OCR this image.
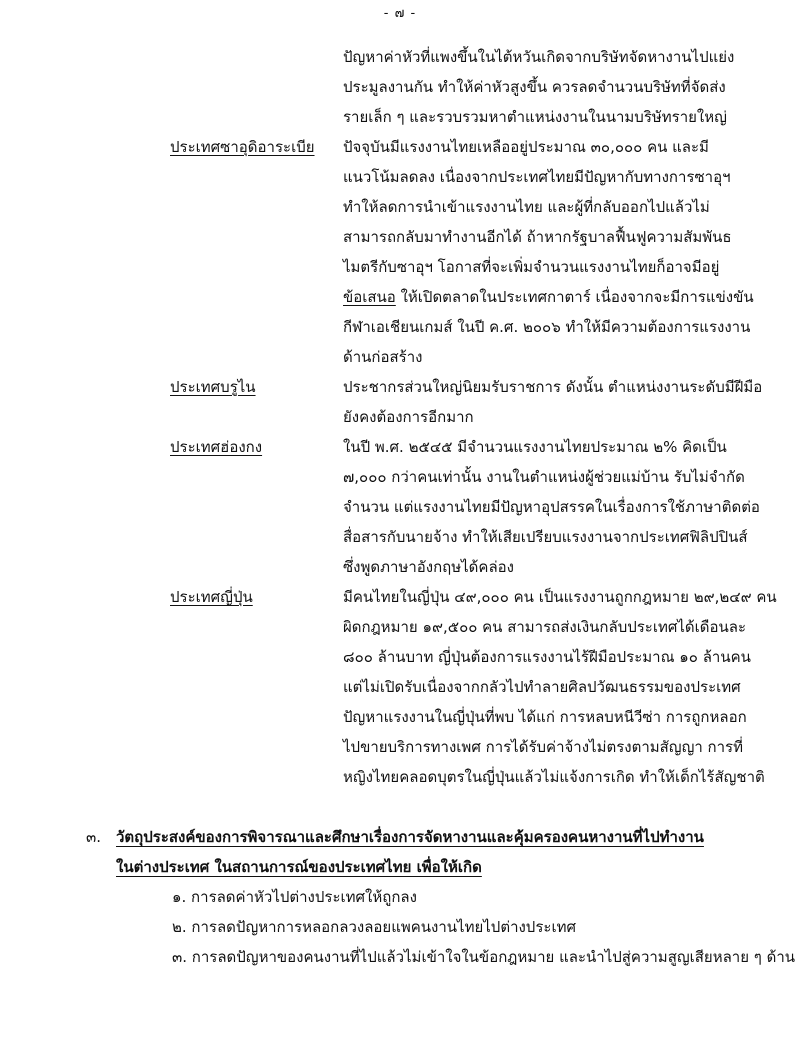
- ๗ -
ปัญหาค่าหัวที่แพงขึ้นในไต้หวันเกิดจากบริษัทจัดหางานไปแย่ง
ประมูลงานกัน ทำให้ค่าหัวสูงขึ้น ควรลดจำนวนบริษัทที่จัดส่ง
รายเล็ก ๆ และรวบรวมหาตำแหน่งงานในนามบริษัทรายใหญ่
ประเทศซาอุดิอาระเบีย ปัจจุบันมีแรงงานไทยเหลืออยู่ประมาณ ๓๐,๐๐๐ คน และมี
แนวโน้มลดลง เนื่องจากประเทศไทยมีปัญหากับทางการซาอุฯ
ทำให้ลดการนำเข้าแรงงานไทย และผู้ที่กลับออกไปแล้วไม่
สามารถกลับมาทำงานอีกได้ ถ้าหากรัฐบาลฟื้นฟูความสัมพันธ
ไมตรีกับซาอุฯ โอกาสที่จะเพิ่มจำนวนแรงงานไทยก็อาจมีอยู่
ข้อเสนอ ให้เปิดตลาดในประเทศกาตาร์ เนื่องจากจะมีการแข่งขัน
กีฬาเอเชียนเกมส์ ในปี ค.ศ. ๒๐๐๖ ทำให้มีความต้องการแรงงาน
ด้านก่อสร้าง
ประเทศบรูไน	ประชากรส่วนใหญ่นิยมรับราชการ ดังนั้น ตำแหน่งงานระดับมีฝีมือ
ยังคงต้องการอีกมาก
ประเทศฮ่องกง	ในปี พ.ศ. ๒๕๔๕ มีจำนวนแรงงานไทยประมาณ ๒% คิดเป็น
๗,๐๐๐ กว่าคนเท่านั้น งานในตำแหน่งผู้ช่วยแม่บ้าน รับไม่จำกัด
จำนวน แต่แรงงานไทยมีปัญหาอุปสรรคในเรื่องการใช้ภาษาติดต่อ
สื่อสารกับนายจ้าง ทำให้เสียเปรียบแรงงานจากประเทศฟิลิปปินส์
ซึ่งพูดภาษาอังกฤษได้คล่อง
ประเทศญี่ปุ่น	มีคนไทยในญี่ปุ่น ๔๙,๐๐๐ คน เป็นแรงงานถูกกฎหมาย ๒๙,๒๔๙ คน
ผิดกฎหมาย ๑๙,๕๐๐ คน สามารถส่งเงินกลับประเทศได้เดือนละ
๘๐๐ ล้านบาท ญี่ปุ่นต้องการแรงงานไร้ฝีมือประมาณ ๑๐ ล้านคน
แต่ไม่เปิดรับเนื่องจากกลัวไปทำลายศิลปวัฒนธรรมของประเทศ
ปัญหาแรงงานในญี่ปุ่นที่พบ ได้แก่ การหลบหนีวีซ่า การถูกหลอก
ไปขายบริการทางเพศ การได้รับค่าจ้างไม่ตรงตามสัญญา การที่
หญิงไทยคลอดบุตรในญี่ปุ่นแล้วไม่แจ้งการเกิด ทำให้เด็กไร้สัญชาติ
๓. วัตถุประสงค์ของการพิจารณาและศึกษาเรื่องการจัดหางานและคุ้มครองคนหางานที่ไปทำงาน
ในต่างประเทศ ในสถานการณ์ของประเทศไทย เพื่อให้เกิด
๑. การลดค่าหัวไปต่างประเทศให้ถูกลง
๒. การลดปัญหาการหลอกลวงลอยแพคนงานไทยไปต่างประเทศ
๓. การลดปัญหาของคนงานที่ไปแล้วไม่เข้าใจในข้อกฎหมาย และนำไปสู่ความสูญเสียหลาย ๆ ด้าน
